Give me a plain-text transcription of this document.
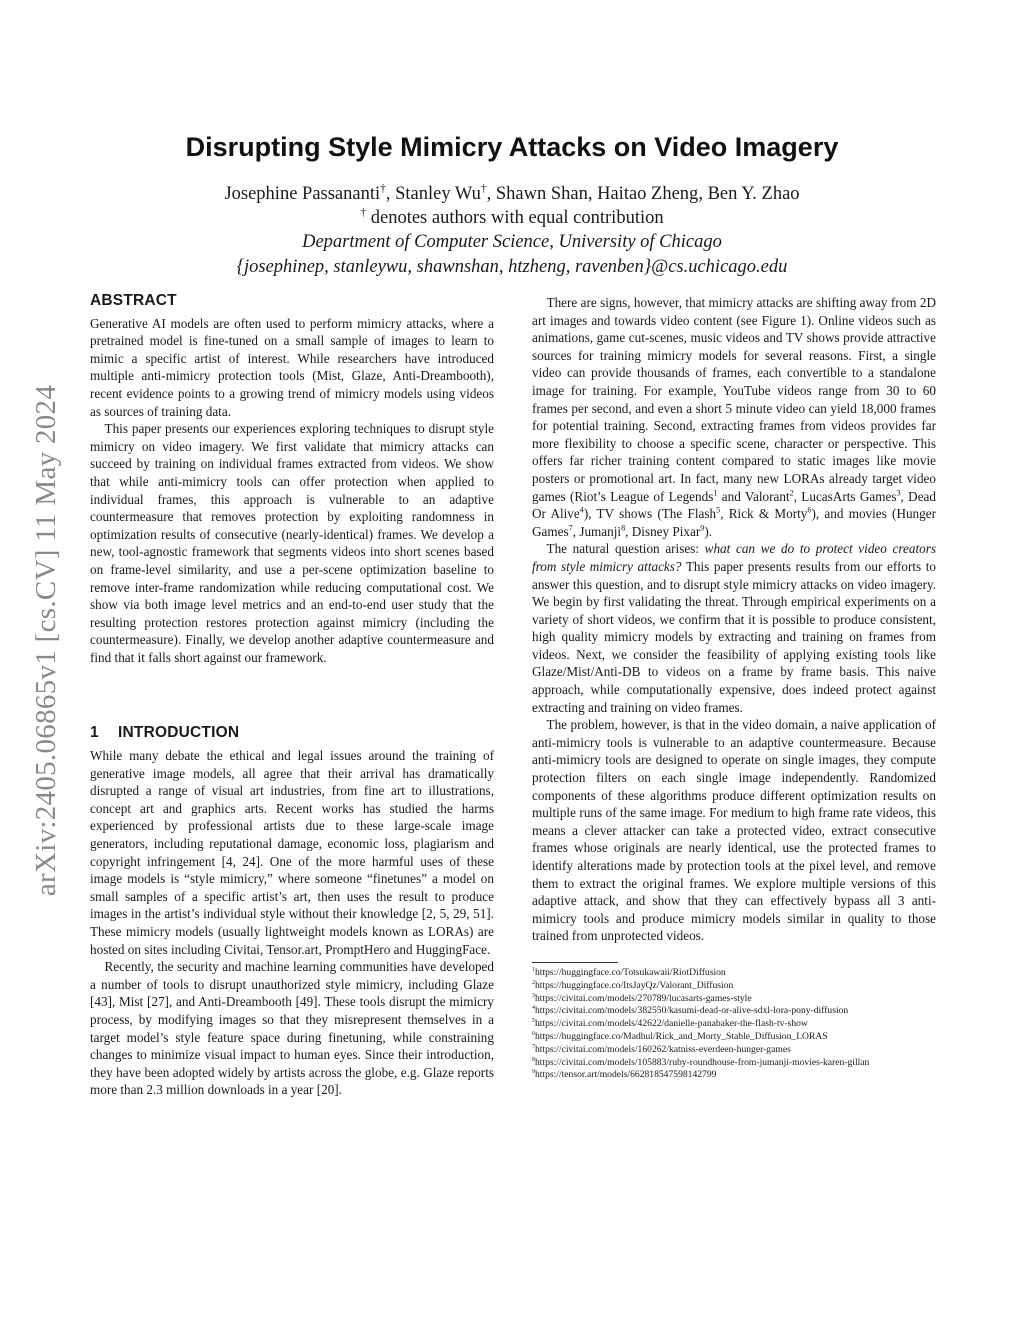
arXiv:2405.06865v1 [cs.CV] 11 May 2024
Disrupting Style Mimicry Attacks on Video Imagery
Josephine Passananti†, Stanley Wu†, Shawn Shan, Haitao Zheng, Ben Y. Zhao
† denotes authors with equal contribution
Department of Computer Science, University of Chicago
{josephinep, stanleywu, shawnshan, htzheng, ravenben}@cs.uchicago.edu
ABSTRACT

Generative AI models are often used to perform mimicry attacks, where a pretrained model is fine-tuned on a small sample of images to learn to mimic a specific artist of interest. While researchers have introduced multiple anti-mimicry protection tools (Mist, Glaze, Anti-Dreambooth), recent evidence points to a growing trend of mimicry models using videos as sources of training data.

This paper presents our experiences exploring techniques to disrupt style mimicry on video imagery. We first validate that mimicry attacks can succeed by training on individual frames extracted from videos. We show that while anti-mimicry tools can offer protection when applied to individual frames, this approach is vulnerable to an adaptive countermeasure that removes protection by exploiting randomness in optimization results of consecutive (nearly-identical) frames. We develop a new, tool-agnostic framework that segments videos into short scenes based on frame-level similarity, and use a per-scene optimization baseline to remove inter-frame randomization while reducing computational cost. We show via both image level metrics and an end-to-end user study that the resulting protection restores protection against mimicry (including the countermeasure). Finally, we develop another adaptive countermeasure and find that it falls short against our framework.

1 INTRODUCTION

While many debate the ethical and legal issues around the training of generative image models, all agree that their arrival has dramatically disrupted a range of visual art industries, from fine art to illustrations, concept art and graphics arts. Recent works has studied the harms experienced by professional artists due to these large-scale image generators, including reputational damage, economic loss, plagiarism and copyright infringement [4, 24]. One of the more harmful uses of these image models is “style mimicry,” where someone “finetunes” a model on small samples of a specific artist’s art, then uses the result to produce images in the artist’s individual style without their knowledge [2, 5, 29, 51]. These mimicry models (usually lightweight models known as LORAs) are hosted on sites including Civitai, Tensor.art, PromptHero and HuggingFace.

Recently, the security and machine learning communities have developed a number of tools to disrupt unauthorized style mimicry, including Glaze [43], Mist [27], and Anti-Dreambooth [49]. These tools disrupt the mimicry process, by modifying images so that they misrepresent themselves in a target model’s style feature space during finetuning, while constraining changes to minimize visual impact to human eyes. Since their introduction, they have been adopted widely by artists across the globe, e.g. Glaze reports more than 2.3 million downloads in a year [20].

There are signs, however, that mimicry attacks are shifting away from 2D art images and towards video content (see Figure 1). Online videos such as animations, game cut-scenes, music videos and TV shows provide attractive sources for training mimicry models for several reasons. First, a single video can provide thousands of frames, each convertible to a standalone image for training. For example, YouTube videos range from 30 to 60 frames per second, and even a short 5 minute video can yield 18,000 frames for potential training. Second, extracting frames from videos provides far more flexibility to choose a specific scene, character or perspective. This offers far richer training content compared to static images like movie posters or promotional art. In fact, many new LORAs already target video games (Riot’s League of Legends$^1$ and Valorant$^2$, LucasArts Games$^3$, Dead Or Alive$^4$), TV shows (The Flash$^5$, Rick & Morty$^6$), and movies (Hunger Games$^7$, Jumanji$^8$, Disney Pixar$^9$).

The natural question arises: what can we do to protect video creators from style mimicry attacks? This paper presents results from our efforts to answer this question, and to disrupt style mimicry attacks on video imagery. We begin by first validating the threat. Through empirical experiments on a variety of short videos, we confirm that it is possible to produce consistent, high quality mimicry models by extracting and training on frames from videos. Next, we consider the feasibility of applying existing tools like Glaze/Mist/Anti-DB to videos on a frame by frame basis. This naive approach, while computationally expensive, does indeed protect against extracting and training on video frames.

The problem, however, is that in the video domain, a naive application of anti-mimicry tools is vulnerable to an adaptive countermeasure. Because anti-mimicry tools are designed to operate on single images, they compute protection filters on each single image independently. Randomized components of these algorithms produce different optimization results on multiple runs of the same image. For medium to high frame rate videos, this means a clever attacker can take a protected video, extract consecutive frames whose originals are nearly identical, use the protected frames to identify alterations made by protection tools at the pixel level, and remove them to extract the original frames. We explore multiple versions of this adaptive attack, and show that they can effectively bypass all 3 anti-mimicry tools and produce mimicry models similar in quality to those trained from unprotected videos.

$^1$https://huggingface.co/Totsukawaii/RiotDiffusion
$^2$https://huggingface.co/ItsJayQz/Valorant_Diffusion
$^3$https://civitai.com/models/270789/lucasarts-games-style
$^4$https://civitai.com/models/382550/kasumi-dead-or-alive-sdxl-lora-pony-diffusion
$^5$https://civitai.com/models/42622/danielle-panabaker-the-flash-tv-show
$^6$https://huggingface.co/Madhul/Rick_and_Morty_Stable_Diffusion_LORAS
$^7$https://civitai.com/models/160262/katniss-everdeen-hunger-games
$^8$https://civitai.com/models/105883/ruby-roundhouse-from-jumanji-movies-karen-gillan
$^9$https://tensor.art/models/662818547598142799
